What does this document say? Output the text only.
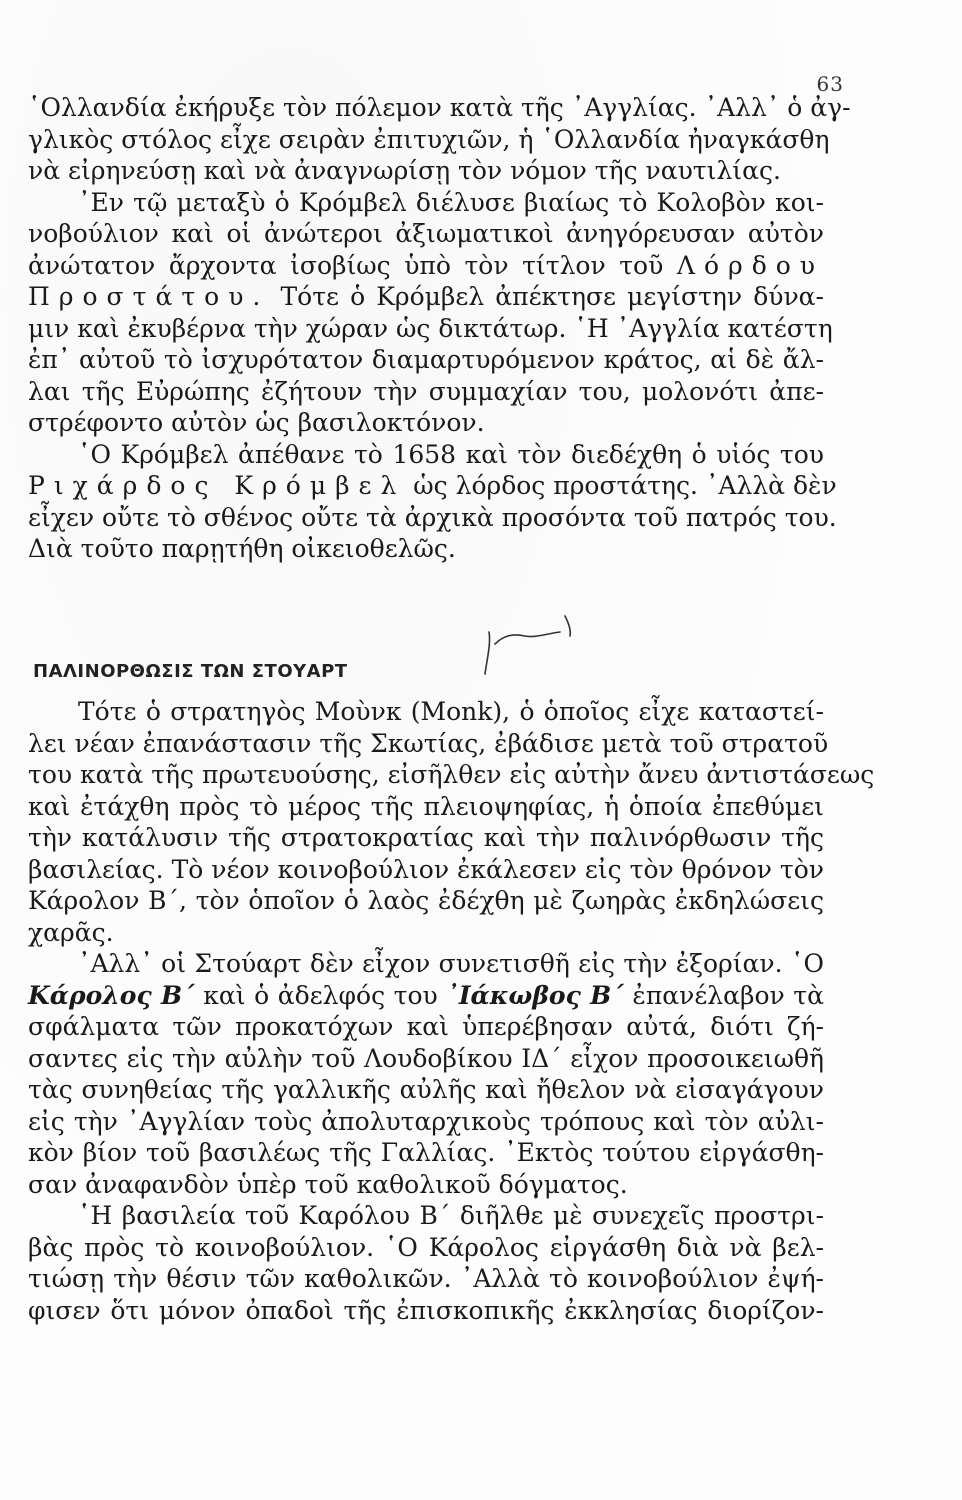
63
῾Ολλανδία ἐκήρυξε τὸν πόλεμον κατὰ τῆς ᾿Αγγλίας. ᾿Αλλ᾿ ὁ ἀγ-
γλικὸς στόλος εἶχε σειρὰν ἐπιτυχιῶν, ἡ ῾Ολλανδία ἠναγκάσθη
νὰ εἰρηνεύσῃ καὶ νὰ ἀναγνωρίσῃ τὸν νόμον τῆς ναυτιλίας.
᾿Εν τῷ μεταξὺ ὁ Κρόμβελ διέλυσε βιαίως τὸ Κολοβὸν κοι-
νοβούλιον καὶ οἱ ἀνώτεροι ἀξιωματικοὶ ἀνηγόρευσαν αὐτὸν
ἀνώτατον ἄρχοντα ἰσοβίως ὑπὸ τὸν τίτλον τοῦ Λόρδου
Προστάτου. Τότε ὁ Κρόμβελ ἀπέκτησε μεγίστην δύνα-
μιν καὶ ἐκυβέρνα τὴν χώραν ὡς δικτάτωρ. ῾Η ᾿Αγγλία κατέστη
ἐπ᾿ αὐτοῦ τὸ ἰσχυρότατον διαμαρτυρόμενον κράτος, αἱ δὲ ἄλ-
λαι τῆς Εὐρώπης ἐζήτουν τὴν συμμαχίαν του, μολονότι ἀπε-
στρέφοντο αὐτὸν ὡς βασιλοκτόνον.
῾Ο Κρόμβελ ἀπέθανε τὸ 1658 καὶ τὸν διεδέχθη ὁ υἱός του
Ριχάρδος Κρόμβελ ὡς λόρδος προστάτης. ᾿Αλλὰ δὲν
εἶχεν οὔτε τὸ σθένος οὔτε τὰ ἀρχικὰ προσόντα τοῦ πατρός του.
Διὰ τοῦτο παρῃτήθη οἰκειοθελῶς.
ΠΑΛΙΝΟΡΘΩΣΙΣ ΤΩΝ ΣΤΟΥΑΡΤ
Τότε ὁ στρατηγὸς Μοὺνκ (Monk), ὁ ὁποῖος εἶχε καταστεί-
λει νέαν ἐπανάστασιν τῆς Σκωτίας, ἐβάδισε μετὰ τοῦ στρατοῦ
του κατὰ τῆς πρωτευούσης, εἰσῆλθεν εἰς αὐτὴν ἄνευ ἀντιστάσεως
καὶ ἐτάχθη πρὸς τὸ μέρος τῆς πλειοψηφίας, ἡ ὁποία ἐπεθύμει
τὴν κατάλυσιν τῆς στρατοκρατίας καὶ τὴν παλινόρθωσιν τῆς
βασιλείας. Τὸ νέον κοινοβούλιον ἐκάλεσεν εἰς τὸν θρόνον τὸν
Κάρολον Β΄, τὸν ὁποῖον ὁ λαὸς ἐδέχθη μὲ ζωηρὰς ἐκδηλώσεις
χαρᾶς.
᾿Αλλ᾿ οἱ Στούαρτ δὲν εἶχον συνετισθῆ εἰς τὴν ἐξορίαν. ῾Ο
Κάρολος Β΄ καὶ ὁ ἀδελφός του ᾿Ιάκωβος Β΄ ἐπανέλαβον τὰ
σφάλματα τῶν προκατόχων καὶ ὑπερέβησαν αὐτά, διότι ζή-
σαντες εἰς τὴν αὐλὴν τοῦ Λουδοβίκου ΙΔ΄ εἶχον προσοικειωθῆ
τὰς συνηθείας τῆς γαλλικῆς αὐλῆς καὶ ἤθελον νὰ εἰσαγάγουν
εἰς τὴν ᾿Αγγλίαν τοὺς ἀπολυταρχικοὺς τρόπους καὶ τὸν αὐλι-
κὸν βίον τοῦ βασιλέως τῆς Γαλλίας. ᾿Εκτὸς τούτου εἰργάσθη-
σαν ἀναφανδὸν ὑπὲρ τοῦ καθολικοῦ δόγματος.
῾Η βασιλεία τοῦ Καρόλου Β΄ διῆλθε μὲ συνεχεῖς προστρι-
βὰς πρὸς τὸ κοινοβούλιον. ῾Ο Κάρολος εἰργάσθη διὰ νὰ βελ-
τιώσῃ τὴν θέσιν τῶν καθολικῶν. ᾿Αλλὰ τὸ κοινοβούλιον ἐψή-
φισεν ὅτι μόνον ὀπαδοὶ τῆς ἐπισκοπικῆς ἐκκλησίας διορίζον-
